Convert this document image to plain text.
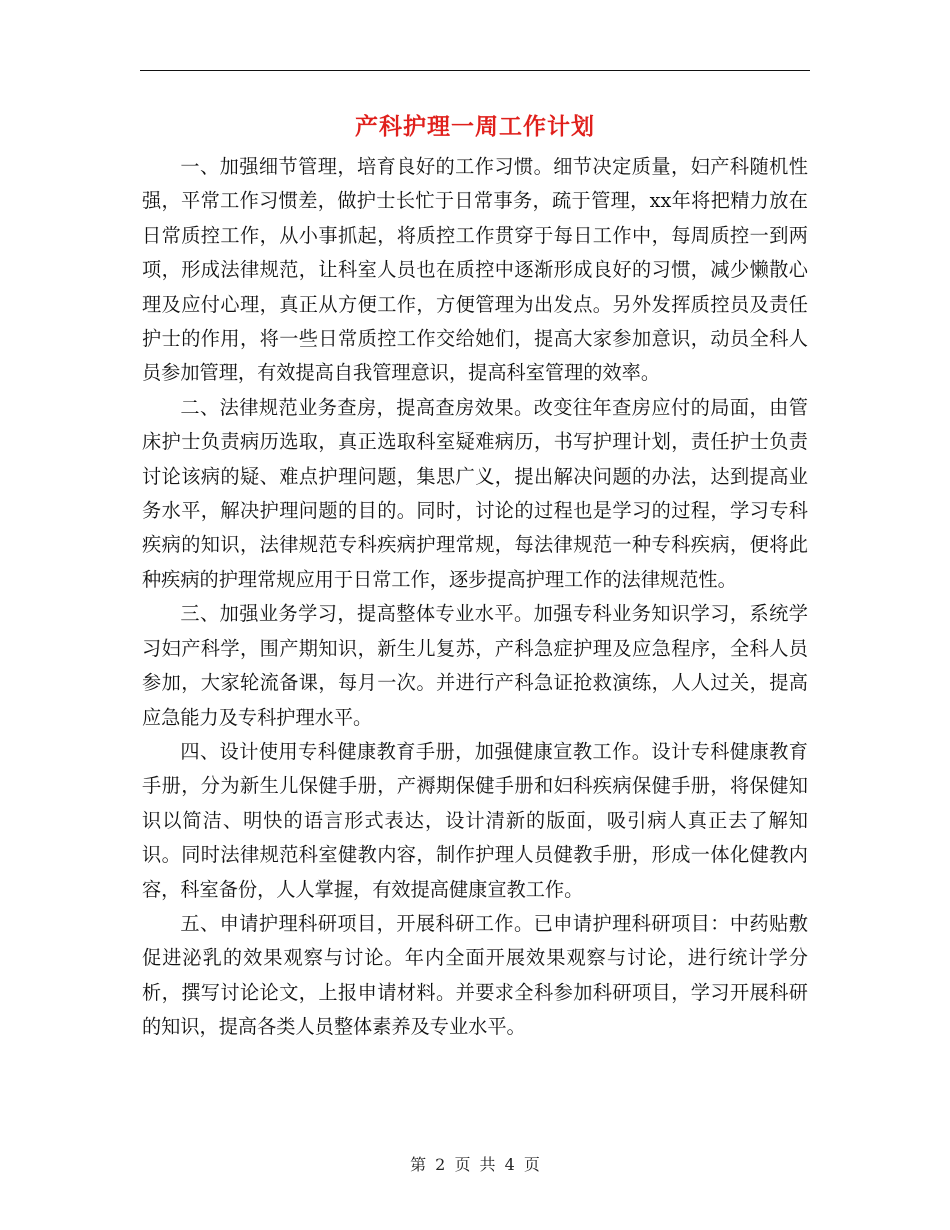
产科护理一周工作计划

一、加强细节管理，培育良好的工作习惯。细节决定质量，妇产科随机性强，平常工作习惯差，做护士长忙于日常事务，疏于管理，xx年将把精力放在日常质控工作，从小事抓起，将质控工作贯穿于每日工作中，每周质控一到两项，形成法律规范，让科室人员也在质控中逐渐形成良好的习惯，减少懒散心理及应付心理，真正从方便工作，方便管理为出发点。另外发挥质控员及责任护士的作用，将一些日常质控工作交给她们，提高大家参加意识，动员全科人员参加管理，有效提高自我管理意识，提高科室管理的效率。

二、法律规范业务查房，提高查房效果。改变往年查房应付的局面，由管床护士负责病历选取，真正选取科室疑难病历，书写护理计划，责任护士负责讨论该病的疑、难点护理问题，集思广义，提出解决问题的办法，达到提高业务水平，解决护理问题的目的。同时，讨论的过程也是学习的过程，学习专科疾病的知识，法律规范专科疾病护理常规，每法律规范一种专科疾病，便将此种疾病的护理常规应用于日常工作，逐步提高护理工作的法律规范性。

三、加强业务学习，提高整体专业水平。加强专科业务知识学习，系统学习妇产科学，围产期知识，新生儿复苏，产科急症护理及应急程序，全科人员参加，大家轮流备课，每月一次。并进行产科急证抢救演练，人人过关，提高应急能力及专科护理水平。

四、设计使用专科健康教育手册，加强健康宣教工作。设计专科健康教育手册，分为新生儿保健手册，产褥期保健手册和妇科疾病保健手册，将保健知识以简洁、明快的语言形式表达，设计清新的版面，吸引病人真正去了解知识。同时法律规范科室健教内容，制作护理人员健教手册，形成一体化健教内容，科室备份，人人掌握，有效提高健康宣教工作。

五、申请护理科研项目，开展科研工作。已申请护理科研项目：中药贴敷促进泌乳的效果观察与讨论。年内全面开展效果观察与讨论，进行统计学分析，撰写讨论论文，上报申请材料。并要求全科参加科研项目，学习开展科研的知识，提高各类人员整体素养及专业水平。

第 2 页 共 4 页
